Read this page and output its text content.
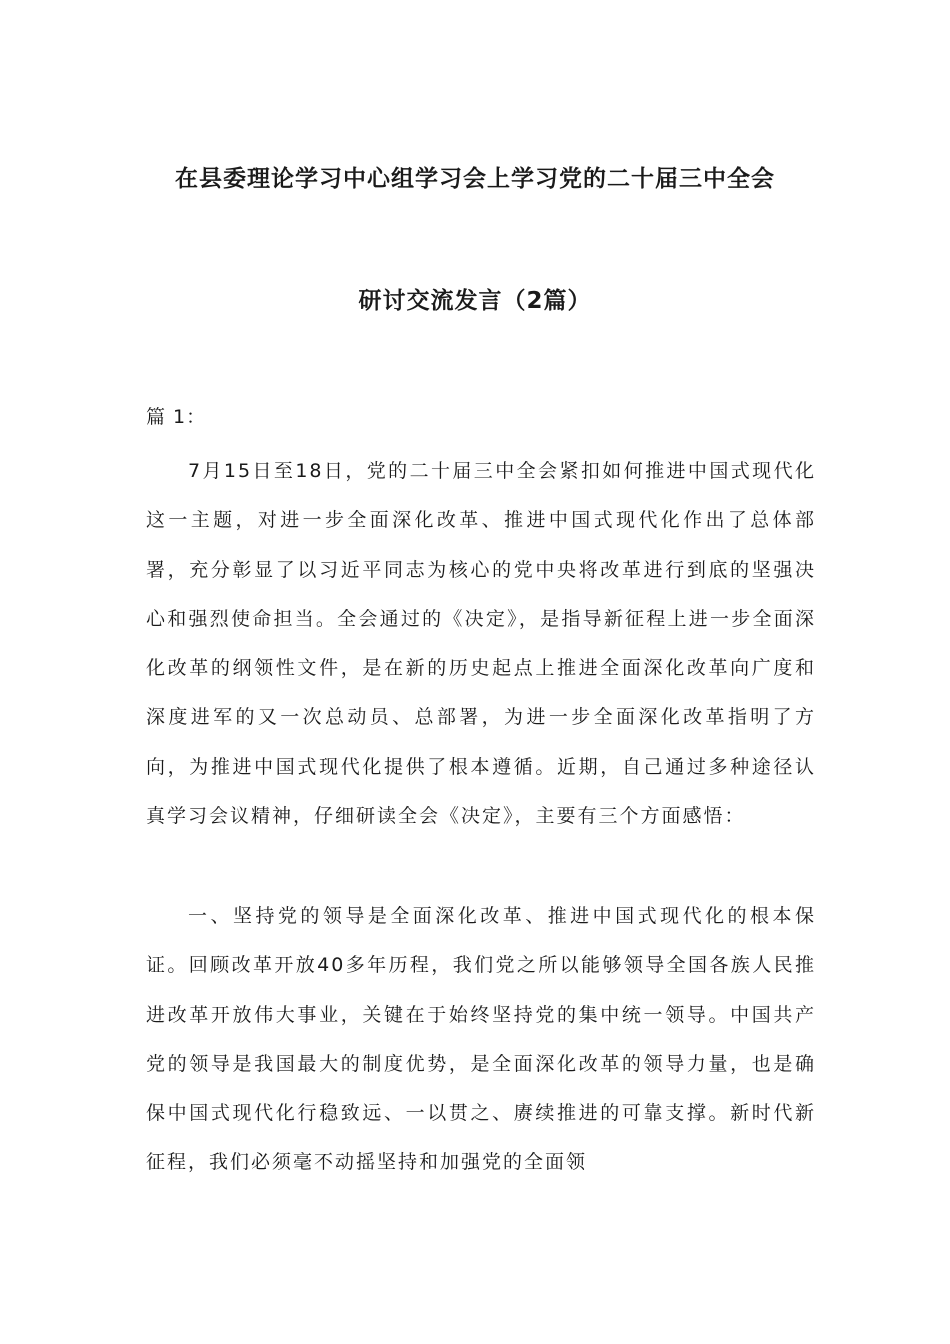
在县委理论学习中心组学习会上学习党的二十届三中全会
研讨交流发言（2篇）
篇 1：
7月15日至18日，党的二十届三中全会紧扣如何推进中国式现代化这一主题，对进一步全面深化改革、推进中国式现代化作出了总体部署，充分彰显了以习近平同志为核心的党中央将改革进行到底的坚强决心和强烈使命担当。全会通过的《决定》，是指导新征程上进一步全面深化改革的纲领性文件，是在新的历史起点上推进全面深化改革向广度和深度进军的又一次总动员、总部署，为进一步全面深化改革指明了方向，为推进中国式现代化提供了根本遵循。近期，自己通过多种途径认真学习会议精神，仔细研读全会《决定》，主要有三个方面感悟：
一、坚持党的领导是全面深化改革、推进中国式现代化的根本保证。回顾改革开放40多年历程，我们党之所以能够领导全国各族人民推进改革开放伟大事业，关键在于始终坚持党的集中统一领导。中国共产党的领导是我国最大的制度优势，是全面深化改革的领导力量，也是确保中国式现代化行稳致远、一以贯之、赓续推进的可靠支撑。新时代新征程，我们必须毫不动摇坚持和加强党的全面领
